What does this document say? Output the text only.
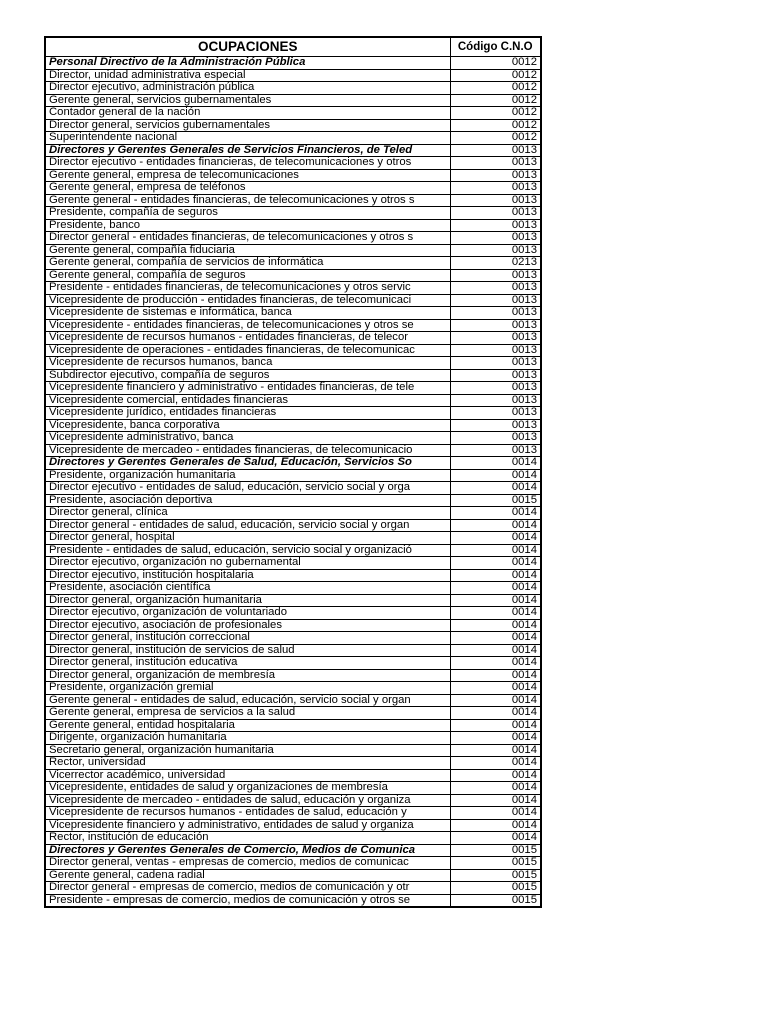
OCUPACIONES	Código C.N.O
Personal Directivo de la Administración Pública	0012
Director, unidad administrativa especial	0012
Director ejecutivo, administración pública	0012
Gerente general, servicios gubernamentales	0012
Contador general de la nación	0012
Director general, servicios gubernamentales	0012
Superintendente nacional	0012
Directores y Gerentes Generales de Servicios Financieros, de Teled	0013
Director ejecutivo - entidades financieras, de telecomunicaciones y otros	0013
Gerente general, empresa de telecomunicaciones	0013
Gerente general, empresa de teléfonos	0013
Gerente general - entidades financieras, de telecomunicaciones y otros s	0013
Presidente, compañía de seguros	0013
Presidente, banco	0013
Director general - entidades financieras, de telecomunicaciones y otros s	0013
Gerente general, compañía fiduciaria	0013
Gerente general, compañía de servicios de informática	0213
Gerente general, compañía de seguros	0013
Presidente - entidades financieras, de telecomunicaciones y otros servic	0013
Vicepresidente de producción - entidades financieras, de telecomunicaci	0013
Vicepresidente de sistemas e informática, banca	0013
Vicepresidente - entidades financieras, de telecomunicaciones y otros se	0013
Vicepresidente de recursos humanos - entidades financieras, de telecor	0013
Vicepresidente de operaciones - entidades financieras, de telecomunicac	0013
Vicepresidente de recursos humanos, banca	0013
Subdirector ejecutivo, compañía de seguros	0013
Vicepresidente financiero y administrativo - entidades financieras, de tele	0013
Vicepresidente comercial, entidades financieras	0013
Vicepresidente jurídico, entidades financieras	0013
Vicepresidente, banca corporativa	0013
Vicepresidente administrativo, banca	0013
Vicepresidente de mercadeo - entidades financieras, de telecomunicacio	0013
Directores y Gerentes Generales de Salud, Educación, Servicios So	0014
Presidente, organización humanitaria	0014
Director ejecutivo - entidades de salud, educación, servicio social y orga	0014
Presidente, asociación deportiva	0015
Director general, clínica	0014
Director general - entidades de salud, educación, servicio social y organ	0014
Director general, hospital	0014
Presidente - entidades de salud, educación, servicio social y organizació	0014
Director ejecutivo, organización no gubernamental	0014
Director ejecutivo, institución hospitalaria	0014
Presidente, asociación científica	0014
Director general, organización humanitaria	0014
Director ejecutivo, organización de voluntariado	0014
Director ejecutivo, asociación de profesionales	0014
Director general, institución correccional	0014
Director general, institución de servicios de salud	0014
Director general, institución educativa	0014
Director general, organización de membresía	0014
Presidente, organización gremial	0014
Gerente general - entidades de salud, educación, servicio social y organ	0014
Gerente general, empresa de servicios a la salud	0014
Gerente general, entidad hospitalaria	0014
Dirigente, organización humanitaria	0014
Secretario general, organización humanitaria	0014
Rector, universidad	0014
Vicerrector académico, universidad	0014
Vicepresidente, entidades de salud y organizaciones de membresía	0014
Vicepresidente de mercadeo - entidades de salud, educación y organiza	0014
Vicepresidente de recursos humanos - entidades de salud, educación y	0014
Vicepresidente financiero y administrativo, entidades de salud y organiza	0014
Rector, institución de educación	0014
Directores y Gerentes Generales de Comercio, Medios de Comunica	0015
Director general, ventas - empresas de comercio, medios de comunicac	0015
Gerente general, cadena radial	0015
Director general - empresas de comercio, medios de comunicación y otr	0015
Presidente - empresas de comercio, medios de comunicación y otros se	0015
